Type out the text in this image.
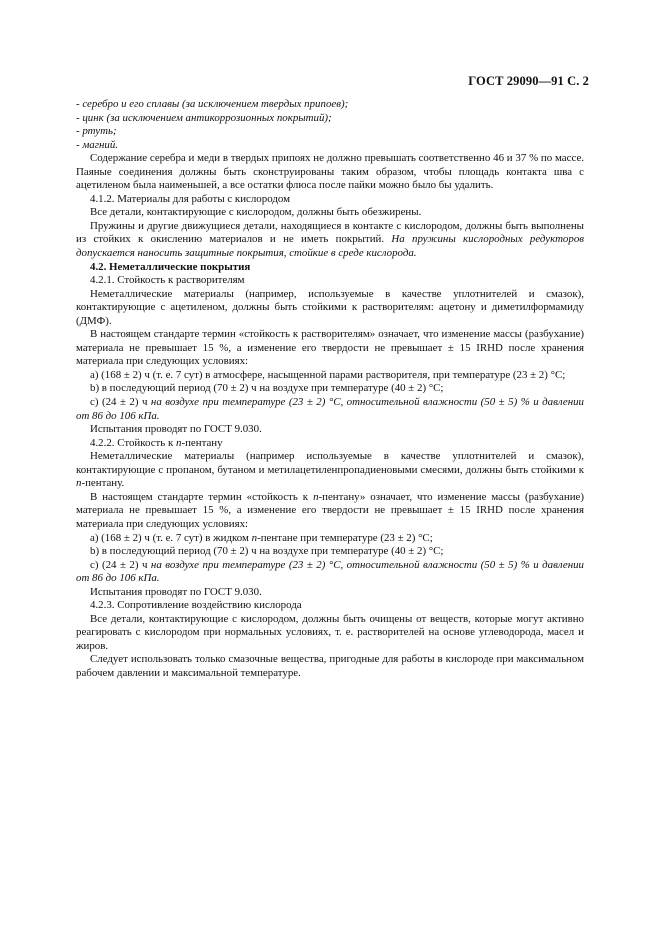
ГОСТ 29090—91 С. 2
- серебро и его сплавы (за исключением твердых припоев);
- цинк (за исключением антикоррозионных покрытий);
- ртуть;
- магний.

Содержание серебра и меди в твердых припоях не должно превышать соответственно 46 и 37 % по массе. Паяные соединения должны быть сконструированы таким образом, чтобы площадь контакта шва с ацетиленом была наименьшей, а все остатки флюса после пайки можно было бы удалить.

4.1.2. Материалы для работы с кислородом

Все детали, контактирующие с кислородом, должны быть обезжирены.

Пружины и другие движущиеся детали, находящиеся в контакте с кислородом, должны быть выполнены из стойких к окислению материалов и не иметь покрытий. На пружины кислородных редукторов допускается наносить защитные покрытия, стойкие в среде кислорода.

4.2. Неметаллические покрытия

4.2.1. Стойкость к растворителям

Неметаллические материалы (например, используемые в качестве уплотнителей и смазок), контактирующие с ацетиленом, должны быть стойкими к растворителям: ацетону и диметилформамиду (ДМФ).

В настоящем стандарте термин «стойкость к растворителям» означает, что изменение массы (разбухание) материала не превышает 15 %, а изменение его твердости не превышает ± 15 IRHD после хранения материала при следующих условиях:

а) (168 ± 2) ч (т. е. 7 сут) в атмосфере, насыщенной парами растворителя, при температуре (23 ± 2) °С;

b) в последующий период (70 ± 2) ч на воздухе при температуре (40 ± 2) °С;

с) (24 ± 2) ч на воздухе при температуре (23 ± 2) °С, относительной влажности (50 ± 5) % и давлении от 86 до 106 кПа.

Испытания проводят по ГОСТ 9.030.

4.2.2. Стойкость к n-пентану

Неметаллические материалы (например используемые в качестве уплотнителей и смазок), контактирующие с пропаном, бутаном и метилацетиленпропадиеновыми смесями, должны быть стойкими к n-пентану.

В настоящем стандарте термин «стойкость к n-пентану» означает, что изменение массы (разбухание) материала не превышает 15 %, а изменение его твердости не превышает ± 15 IRHD после хранения материала при следующих условиях:

а) (168 ± 2) ч (т. е. 7 сут) в жидком n-пентане при температуре (23 ± 2) °С;

b) в последующий период (70 ± 2) ч на воздухе при температуре (40 ± 2) °С;

с) (24 ± 2) ч на воздухе при температуре (23 ± 2) °С, относительной влажности (50 ± 5) % и давлении от 86 до 106 кПа.

Испытания проводят по ГОСТ 9.030.

4.2.3. Сопротивление воздействию кислорода

Все детали, контактирующие с кислородом, должны быть очищены от веществ, которые могут активно реагировать с кислородом при нормальных условиях, т. е. растворителей на основе углеводорода, масел и жиров.

Следует использовать только смазочные вещества, пригодные для работы в кислороде при максимальном рабочем давлении и максимальной температуре.
